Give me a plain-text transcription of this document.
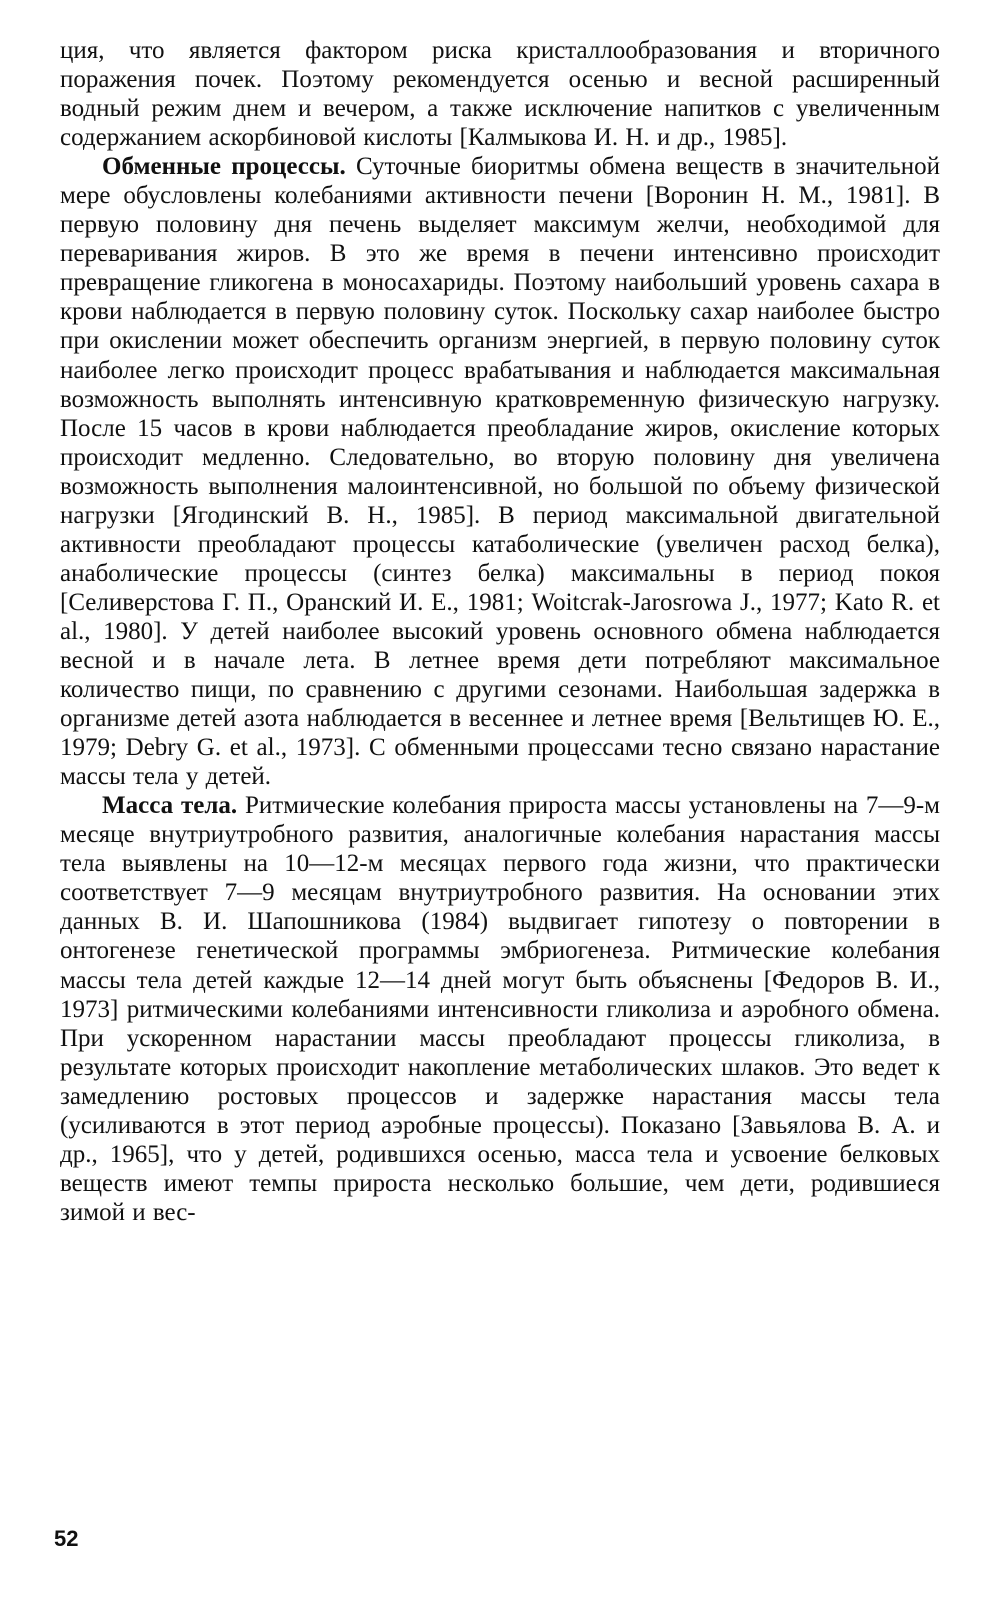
ция, что является фактором риска кристаллообразования и вторичного поражения почек. Поэтому рекомендуется осенью и весной расширенный водный режим днем и вечером, а также исключение напитков с увеличенным содержанием аскорбиновой кислоты [Калмыкова И. Н. и др., 1985].

Обменные процессы. Суточные биоритмы обмена веществ в значительной мере обусловлены колебаниями активности печени [Воронин Н. М., 1981]. В первую половину дня печень выделяет максимум желчи, необходимой для переваривания жиров. В это же время в печени интенсивно происходит превращение гликогена в моносахариды. Поэтому наибольший уровень сахара в крови наблюдается в первую половину суток. Поскольку сахар наиболее быстро при окислении может обеспечить организм энергией, в первую половину суток наиболее легко происходит процесс врабатывания и наблюдается максимальная возможность выполнять интенсивную кратковременную физическую нагрузку. После 15 часов в крови наблюдается преобладание жиров, окисление которых происходит медленно. Следовательно, во вторую половину дня увеличена возможность выполнения малоинтенсивной, но большой по объему физической нагрузки [Ягодинский В. Н., 1985]. В период максимальной двигательной активности преобладают процессы катаболические (увеличен расход белка), анаболические процессы (синтез белка) максимальны в период покоя [Селиверстова Г. П., Оранский И. Е., 1981; Woitcrak-Jarosrowa J., 1977; Kato R. et al., 1980]. У детей наиболее высокий уровень основного обмена наблюдается весной и в начале лета. В летнее время дети потребляют максимальное количество пищи, по сравнению с другими сезонами. Наибольшая задержка в организме детей азота наблюдается в весеннее и летнее время [Вельтищев Ю. Е., 1979; Debry G. et al., 1973]. С обменными процессами тесно связано нарастание массы тела у детей.

Масса тела. Ритмические колебания прироста массы установлены на 7—9-м месяце внутриутробного развития, аналогичные колебания нарастания массы тела выявлены на 10—12-м месяцах первого года жизни, что практически соответствует 7—9 месяцам внутриутробного развития. На основании этих данных В. И. Шапошникова (1984) выдвигает гипотезу о повторении в онтогенезе генетической программы эмбриогенеза. Ритмические колебания массы тела детей каждые 12—14 дней могут быть объяснены [Федоров В. И., 1973] ритмическими колебаниями интенсивности гликолиза и аэробного обмена. При ускоренном нарастании массы преобладают процессы гликолиза, в результате которых происходит накопление метаболических шлаков. Это ведет к замедлению ростовых процессов и задержке нарастания массы тела (усиливаются в этот период аэробные процессы). Показано [Завьялова В. А. и др., 1965], что у детей, родившихся осенью, масса тела и усвоение белковых веществ имеют темпы прироста несколько большие, чем дети, родившиеся зимой и вес-

52
